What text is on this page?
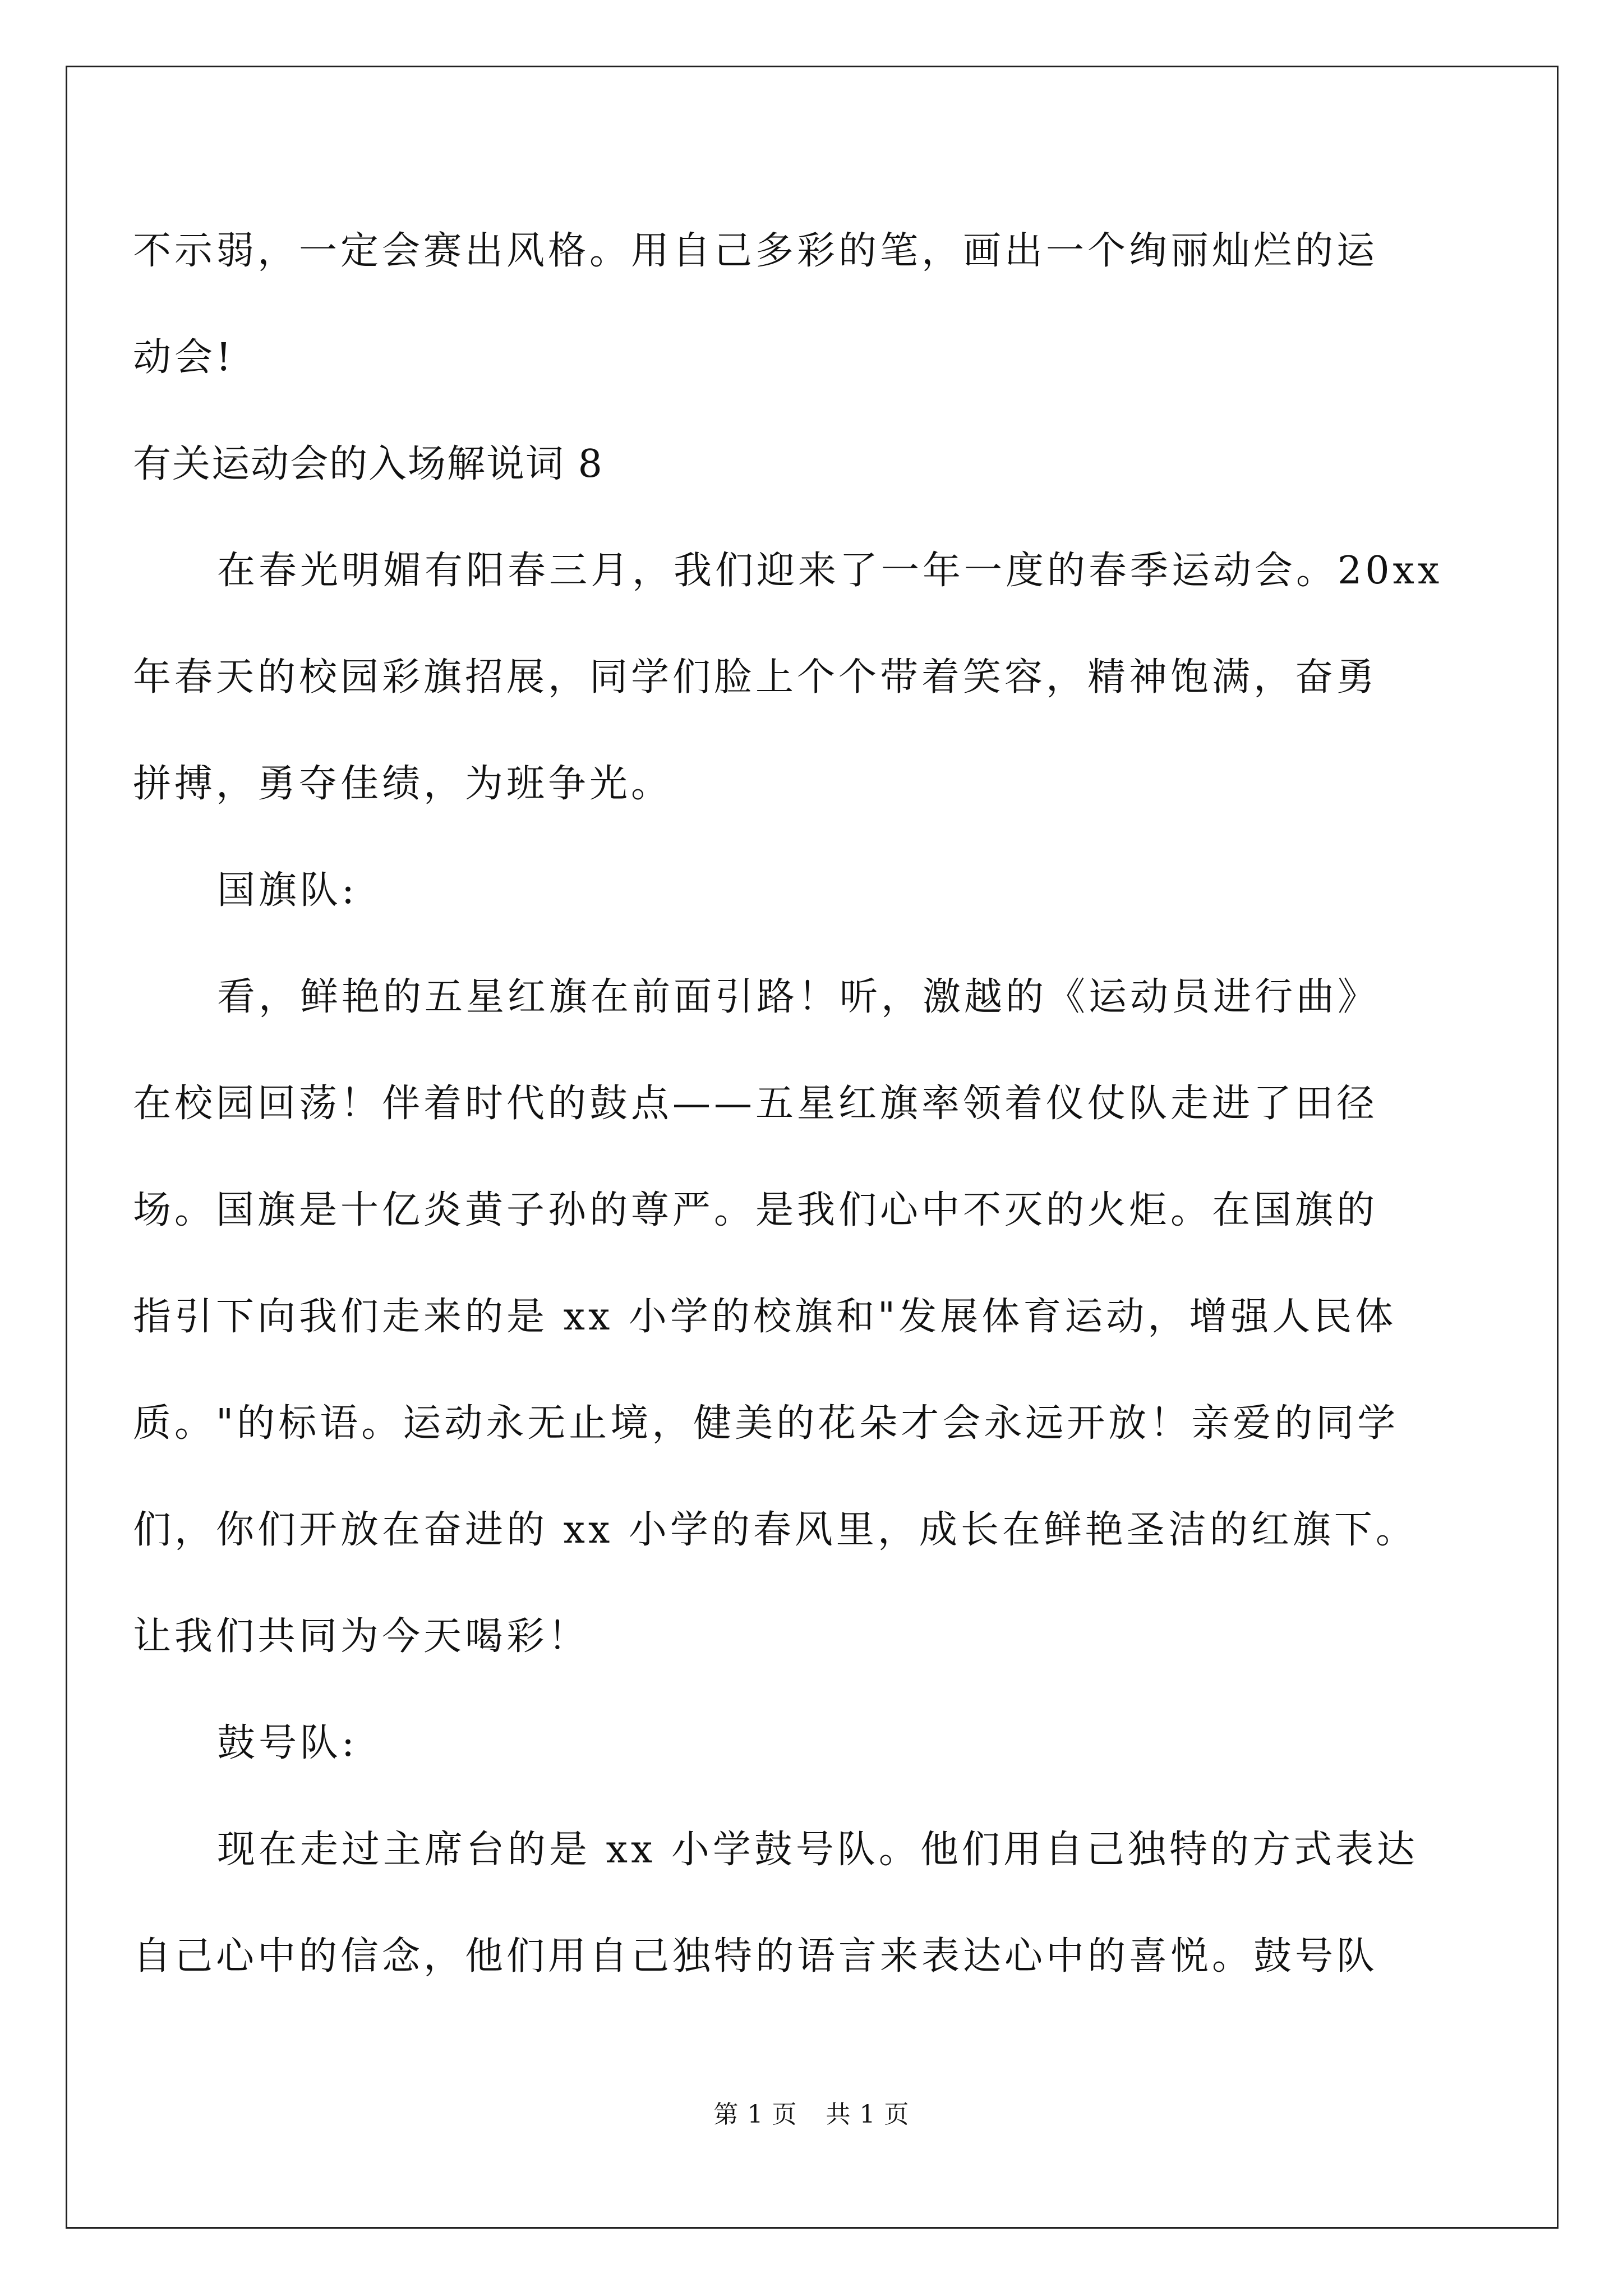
不示弱，一定会赛出风格。用自己多彩的笔，画出一个绚丽灿烂的运
动会!
有关运动会的入场解说词 8
在春光明媚有阳春三月，我们迎来了一年一度的春季运动会。20xx
年春天的校园彩旗招展，同学们脸上个个带着笑容，精神饱满，奋勇
拼搏，勇夺佳绩，为班争光。
国旗队:
看，鲜艳的五星红旗在前面引路！听，激越的《运动员进行曲》
在校园回荡！伴着时代的鼓点——五星红旗率领着仪仗队走进了田径
场。国旗是十亿炎黄子孙的尊严。是我们心中不灭的火炬。在国旗的
指引下向我们走来的是 xx 小学的校旗和"发展体育运动，增强人民体
质。"的标语。运动永无止境，健美的花朵才会永远开放！亲爱的同学
们，你们开放在奋进的 xx 小学的春风里，成长在鲜艳圣洁的红旗下。
让我们共同为今天喝彩！
鼓号队:
现在走过主席台的是 xx 小学鼓号队。他们用自己独特的方式表达
自己心中的信念，他们用自己独特的语言来表达心中的喜悦。鼓号队
第 1 页 共 1 页
